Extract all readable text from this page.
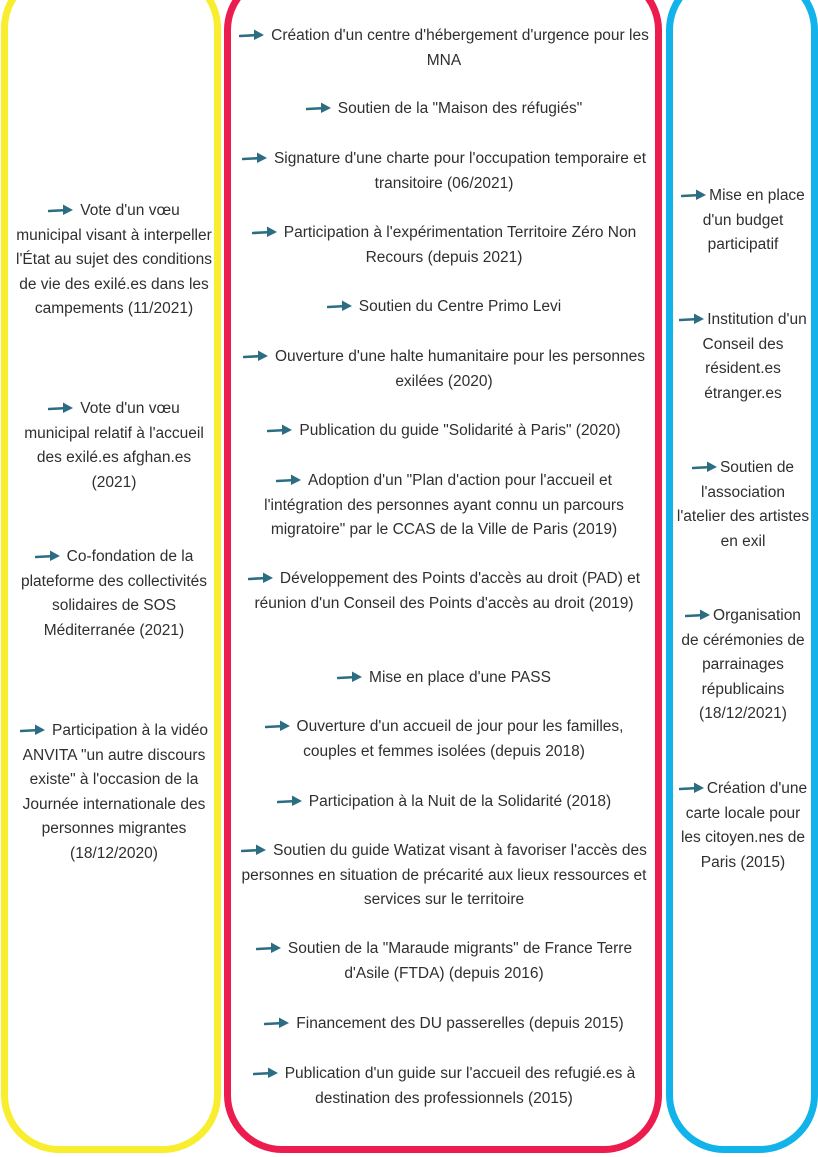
Vote d'un vœu municipal visant à interpeller l'État au sujet des conditions de vie des exilé.es dans les campements (11/2021)
Vote d'un vœu municipal relatif à l'accueil des exilé.es afghan.es (2021)
Co-fondation de la plateforme des collectivités solidaires de SOS Méditerranée (2021)
Participation à la vidéo ANVITA "un autre discours existe" à l'occasion de la Journée internationale des personnes migrantes (18/12/2020)
Création d'un centre d'hébergement d'urgence pour les MNA
Soutien de la "Maison des réfugiés"
Signature d'une charte pour l'occupation temporaire et transitoire (06/2021)
Participation à l'expérimentation Territoire Zéro Non Recours (depuis 2021)
Soutien du Centre Primo Levi
Ouverture d'une halte humanitaire pour les personnes exilées (2020)
Publication du guide "Solidarité à Paris" (2020)
Adoption d'un "Plan d'action pour l'accueil et l'intégration des personnes ayant connu un parcours migratoire" par le CCAS de la Ville de Paris (2019)
Développement des Points d'accès au droit (PAD) et réunion d'un Conseil des Points d'accès au droit (2019)
Mise en place d'une PASS
Ouverture d'un accueil de jour pour les familles, couples et femmes isolées (depuis 2018)
Participation à la Nuit de la Solidarité (2018)
Soutien du guide Watizat visant à favoriser l'accès des personnes en situation de précarité aux lieux ressources et services sur le territoire
Soutien de la "Maraude migrants" de France Terre d'Asile (FTDA) (depuis 2016)
Financement des DU passerelles (depuis 2015)
Publication d'un guide sur l'accueil des refugié.es à destination des professionnels (2015)
Mise en place d'un budget participatif
Institution d'un Conseil des résident.es étranger.es
Soutien de l'association l'atelier des artistes en exil
Organisation de cérémonies de parrainages républicains (18/12/2021)
Création d'une carte locale pour les citoyen.nes de Paris (2015)
